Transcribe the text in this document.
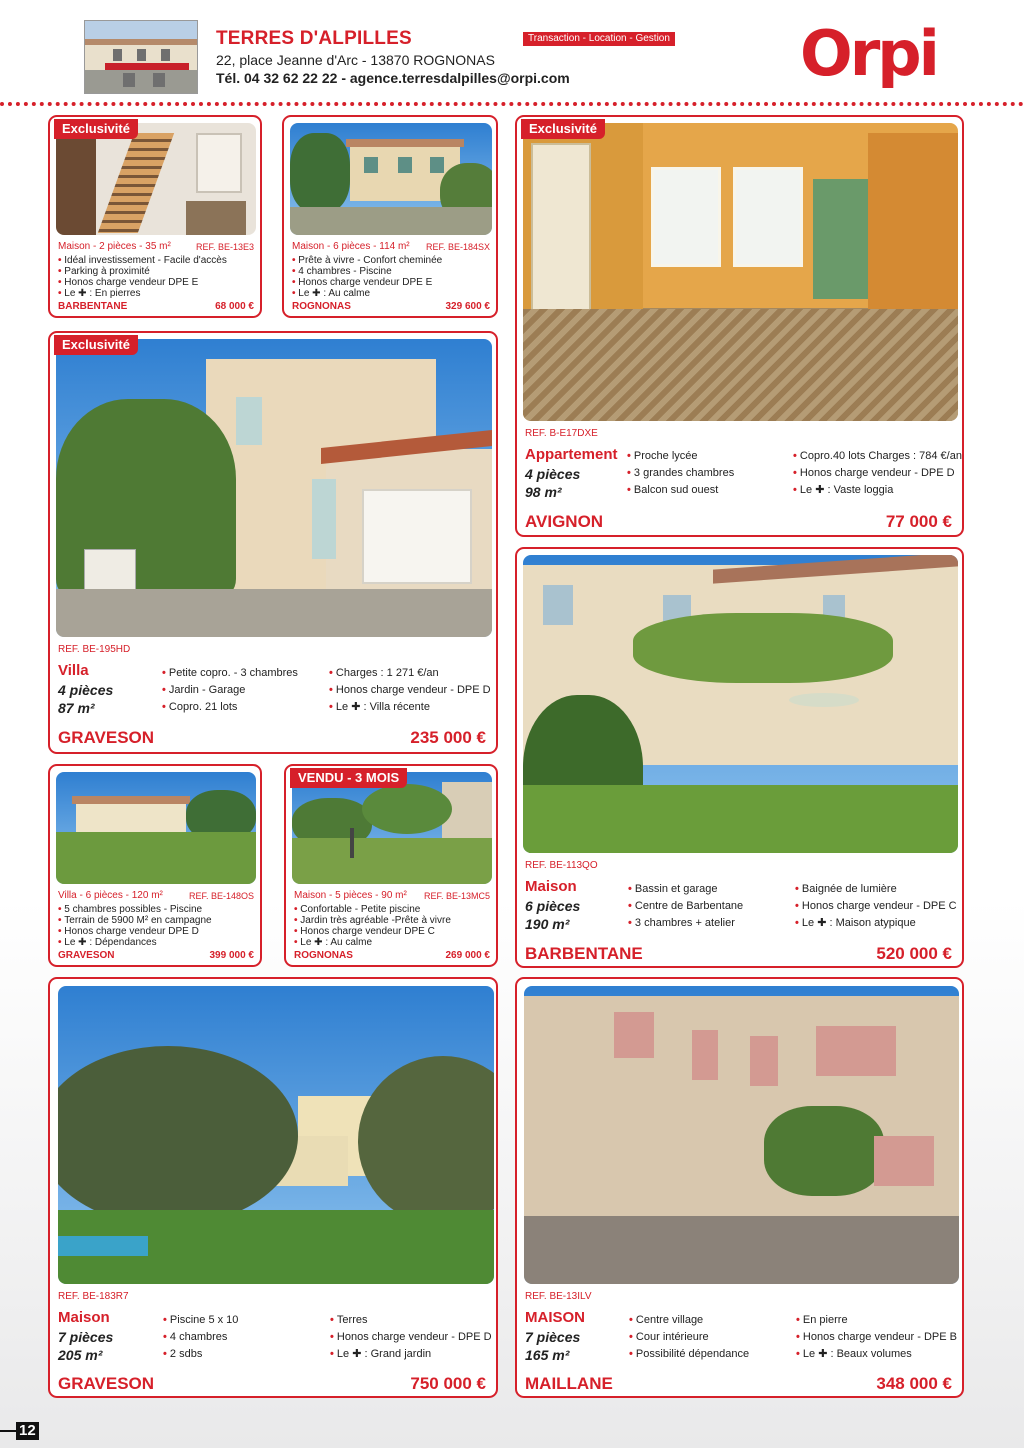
TERRES D'ALPILLES
22, place Jeanne d'Arc - 13870 ROGNONAS
Tél. 04 32 62 22 22 - agence.terresdalpilles@orpi.com
Transaction - Location - Gestion Orpi
Exclusivité
Maison - 2 pièces - 35 m²	REF. BE-13E3
• Idéal investissement - Facile d'accès
• Parking à proximité
• Honos charge vendeur DPE E
• Le ✚ : En pierres
BARBENTANE	68 000 €
Maison - 6 pièces - 114 m² REF. BE-184SX
• Prête à vivre - Confort cheminée
• 4 chambres - Piscine
• Honos charge vendeur DPE E
• Le ✚ : Au calme
ROGNONAS	329 600 €
Exclusivité
REF. B-E17DXE
Appartement
4 pièces
98 m²
• Proche lycée
• 3 grandes chambres
• Balcon sud ouest
• Copro.40 lots Charges : 784 €/an
• Honos charge vendeur - DPE D
• Le ✚ : Vaste loggia
AVIGNON	77 000 €
Exclusivité
REF. BE-195HD
Villa
4 pièces
87 m²
• Petite copro. - 3 chambres
• Jardin - Garage
• Copro. 21 lots
• Charges : 1 271 €/an
• Honos charge vendeur - DPE D
• Le ✚ : Villa récente
GRAVESON	235 000 €
Villa - 6 pièces - 120 m²	REF. BE-148OS
• 5 chambres possibles - Piscine
• Terrain de 5900 M² en campagne
• Honos charge vendeur DPE D
• Le ✚ : Dépendances
GRAVESON	399 000 €
VENDU - 3 MOIS
Maison - 5 pièces - 90 m² REF. BE-13MC5
• Confortable - Petite piscine
• Jardin très agréable -Prête à vivre
• Honos charge vendeur DPE C
• Le ✚ : Au calme
ROGNONAS	269 000 €
REF. BE-113QO
Maison
6 pièces
190 m²
• Bassin et garage
• Centre de Barbentane
• 3 chambres + atelier
• Baignée de lumière
• Honos charge vendeur - DPE C
• Le ✚ : Maison atypique
BARBENTANE	520 000 €
REF. BE-183R7
Maison
7 pièces
205 m²
• Piscine 5 x 10
• 4 chambres
• 2 sdbs
• Terres
• Honos charge vendeur - DPE D
• Le ✚ : Grand jardin
GRAVESON	750 000 €
REF. BE-13ILV
MAISON
7 pièces
165 m²
• Centre village
• Cour intérieure
• Possibilité dépendance
• En pierre
• Honos charge vendeur - DPE B
• Le ✚ : Beaux volumes
MAILLANE	348 000 €
12
